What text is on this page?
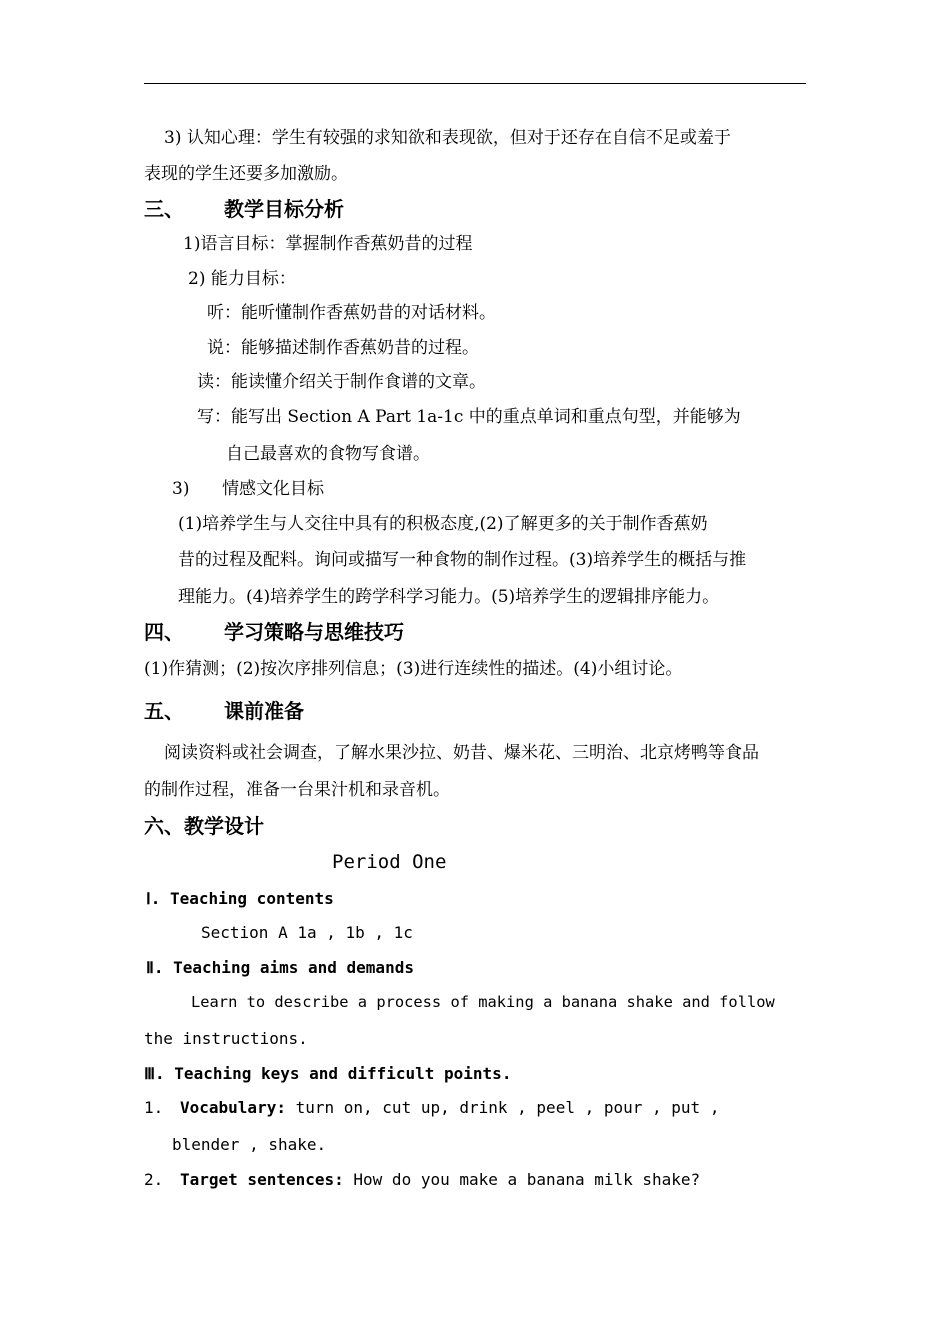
3) 认知心理：学生有较强的求知欲和表现欲，但对于还存在自信不足或羞于
表现的学生还要多加激励。
三、 教学目标分析
1)语言目标：掌握制作香蕉奶昔的过程
2) 能力目标：
听：能听懂制作香蕉奶昔的对话材料。
说：能够描述制作香蕉奶昔的过程。
读：能读懂介绍关于制作食谱的文章。
写：能写出 Section A Part 1a-1c 中的重点单词和重点句型，并能够为
自己最喜欢的食物写食谱。
3) 情感文化目标
(1)培养学生与人交往中具有的积极态度,(2)了解更多的关于制作香蕉奶
昔的过程及配料。询问或描写一种食物的制作过程。(3)培养学生的概括与推
理能力。(4)培养学生的跨学科学习能力。(5)培养学生的逻辑排序能力。
四、 学习策略与思维技巧
(1)作猜测；(2)按次序排列信息；(3)进行连续性的描述。(4)小组讨论。
五、 课前准备
阅读资料或社会调查，了解水果沙拉、奶昔、爆米花、三明治、北京烤鸭等食品
的制作过程，准备一台果汁机和录音机。
六、教学设计
Period One
Ⅰ. Teaching contents
Section A 1a , 1b , 1c
Ⅱ. Teaching aims and demands
Learn to describe a process of making a banana shake and follow
the instructions.
Ⅲ. Teaching keys and difficult points.
1. Vocabulary: turn on, cut up, drink , peel , pour , put ,
blender , shake.
2. Target sentences: How do you make a banana milk shake?
